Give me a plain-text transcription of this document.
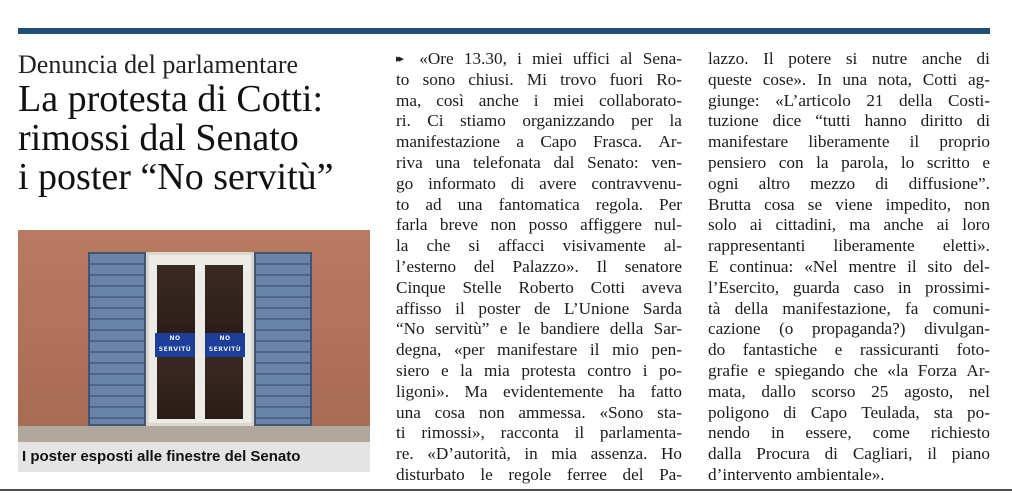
Denuncia del parlamentare
La protesta di Cotti:
rimossi dal Senato
i poster “No servitù”
NO SERVITÙ
NO SERVITÙ
I poster esposti alle finestre del Senato
▸▸ «Ore 13.30, i miei uffici al Sena-
to sono chiusi. Mi trovo fuori Ro-
ma, così anche i miei collaborato-
ri. Ci stiamo organizzando per la
manifestazione a Capo Frasca. Ar-
riva una telefonata dal Senato: ven-
go informato di avere contravvenu-
to ad una fantomatica regola. Per
farla breve non posso affiggere nul-
la che si affacci visivamente al-
l’esterno del Palazzo». Il senatore
Cinque Stelle Roberto Cotti aveva
affisso il poster de L’Unione Sarda
“No servitù” e le bandiere della Sar-
degna, «per manifestare il mio pen-
siero e la mia protesta contro i po-
ligoni». Ma evidentemente ha fatto
una cosa non ammessa. «Sono sta-
ti rimossi», racconta il parlamenta-
re. «D’autorità, in mia assenza. Ho
disturbato le regole ferree del Pa-
lazzo. Il potere si nutre anche di
queste cose». In una nota, Cotti ag-
giunge: «L’articolo 21 della Costi-
tuzione dice “tutti hanno diritto di
manifestare liberamente il proprio
pensiero con la parola, lo scritto e
ogni altro mezzo di diffusione”.
Brutta cosa se viene impedito, non
solo ai cittadini, ma anche ai loro
rappresentanti liberamente eletti».
E continua: «Nel mentre il sito del-
l’Esercito, guarda caso in prossimi-
tà della manifestazione, fa comuni-
cazione (o propaganda?) divulgan-
do fantastiche e rassicuranti foto-
grafie e spiegando che «la Forza Ar-
mata, dallo scorso 25 agosto, nel
poligono di Capo Teulada, sta po-
nendo in essere, come richiesto
dalla Procura di Cagliari, il piano
d’intervento ambientale».
